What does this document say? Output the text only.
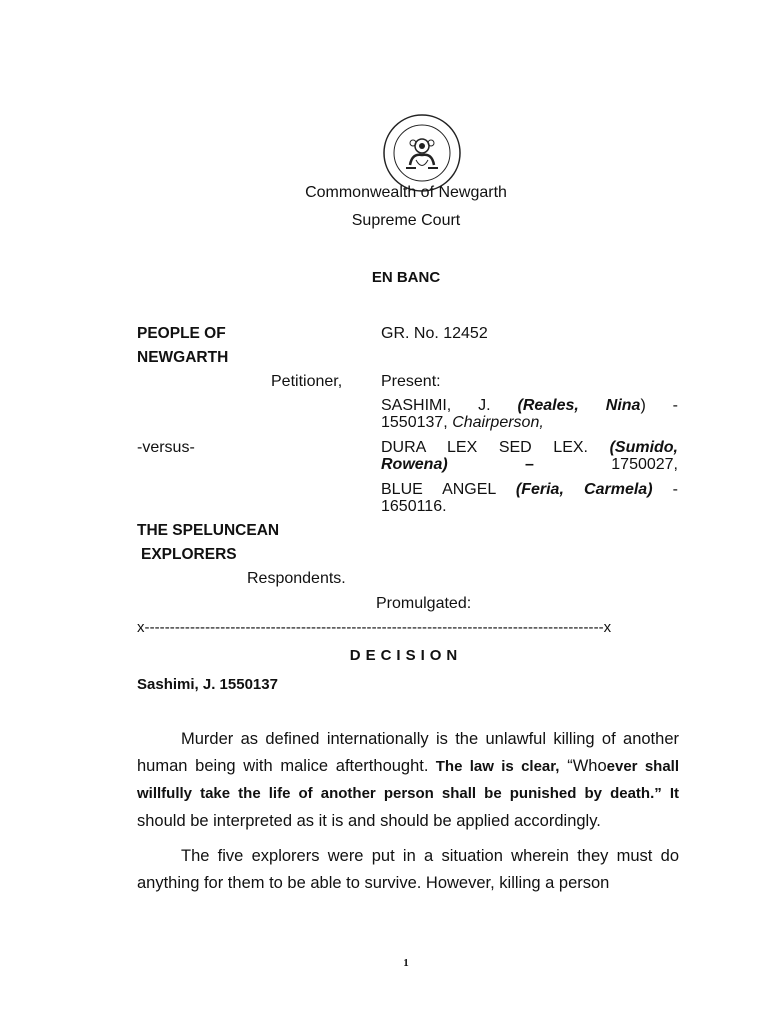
Commonwealth of Newgarth
Supreme Court
EN BANC
PEOPLE OF
NEWGARTH
Petitioner,
-versus-
THE SPELUNCEAN
EXPLORERS
Respondents.
GR. No. 12452
Present:
SASHIMI, J. (Reales, Nina) -
1550137, Chairperson,
DURA LEX SED LEX. (Sumido, Rowena) – 1750027,
BLUE ANGEL (Feria, Carmela) -
1650116.
Promulgated:
x-------------------------------------------------------------------------------------------x
DECISION
Sashimi, J. 1550137

Murder as defined internationally is the unlawful killing of another human being with malice afterthought. The law is clear, “Whoever shall willfully take the life of another person shall be punished by death.” It should be interpreted as it is and should be applied accordingly.

The five explorers were put in a situation wherein they must do anything for them to be able to survive. However, killing a person

1
